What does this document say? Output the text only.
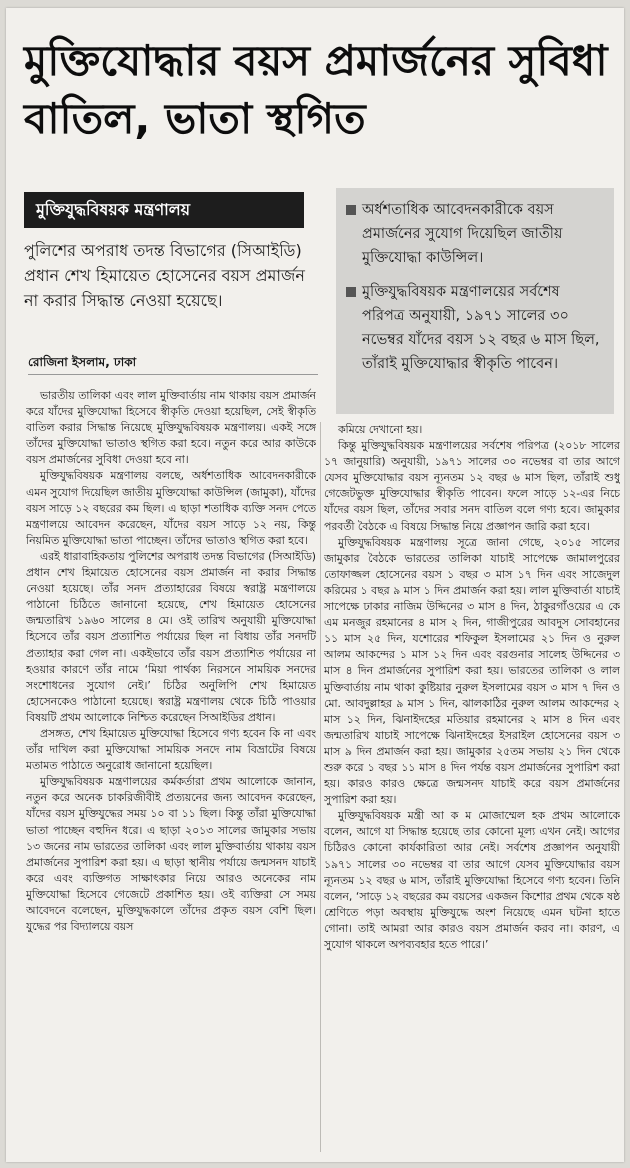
মুক্তিযোদ্ধার বয়স প্রমার্জনের সুবিধা বাতিল, ভাতা স্থগিত
মুক্তিযুদ্ধবিষয়ক মন্ত্রণালয়
পুলিশের অপরাধ তদন্ত বিভাগের (সিআইডি) প্রধান শেখ হিমায়েত হোসেনের বয়স প্রমার্জন না করার সিদ্ধান্ত নেওয়া হয়েছে।
অর্ধশতাধিক আবেদনকারীকে বয়স প্রমার্জনের সুযোগ দিয়েছিল জাতীয় মুক্তিযোদ্ধা কাউন্সিল।
মুক্তিযুদ্ধবিষয়ক মন্ত্রণালয়ের সর্বশেষ পরিপত্র অনুযায়ী, ১৯৭১ সালের ৩০ নভেম্বর যাঁদের বয়স ১২ বছর ৬ মাস ছিল, তাঁরাই মুক্তিযোদ্ধার স্বীকৃতি পাবেন।
রোজিনা ইসলাম, ঢাকা

ভারতীয় তালিকা এবং লাল মুক্তিবার্তায় নাম থাকায় বয়স প্রমার্জন করে যাঁদের মুক্তিযোদ্ধা হিসেবে স্বীকৃতি দেওয়া হয়েছিল, সেই স্বীকৃতি বাতিল করার সিদ্ধান্ত নিয়েছে মুক্তিযুদ্ধবিষয়ক মন্ত্রণালয়। একই সঙ্গে তাঁদের মুক্তিযোদ্ধা ভাতাও স্থগিত করা হবে। নতুন করে আর কাউকে বয়স প্রমার্জনের সুবিধা দেওয়া হবে না।

মুক্তিযুদ্ধবিষয়ক মন্ত্রণালয় বলছে, অর্ধশতাধিক আবেদনকারীকে এমন সুযোগ দিয়েছিল জাতীয় মুক্তিযোদ্ধা কাউন্সিল (জামুকা), যাঁদের বয়স সাড়ে ১২ বছরের কম ছিল। এ ছাড়া শতাধিক ব্যক্তি সনদ পেতে মন্ত্রণালয়ে আবেদন করেছেন, যাঁদের বয়স সাড়ে ১২ নয়, কিন্তু নিয়মিত মুক্তিযোদ্ধা ভাতা পাচ্ছেন। তাঁদের ভাতাও স্থগিত করা হবে।

এরই ধারাবাহিকতায় পুলিশের অপরাধ তদন্ত বিভাগের (সিআইডি) প্রধান শেখ হিমায়েত হোসেনের বয়স প্রমার্জন না করার সিদ্ধান্ত নেওয়া হয়েছে। তাঁর সনদ প্রত্যাহারের বিষয়ে স্বরাষ্ট্র মন্ত্রণালয়ে পাঠানো চিঠিতে জানানো হয়েছে, শেখ হিমায়েত হোসেনের জন্মতারিখ ১৯৬০ সালের ৪ মে। ওই তারিখ অনুযায়ী মুক্তিযোদ্ধা হিসেবে তাঁর বয়স প্রত্যাশিত পর্যায়ের ছিল না বিধায় তাঁর সনদটি প্রত্যাহার করা গেল না। একইভাবে তাঁর বয়স প্রত্যাশিত পর্যায়ের না হওয়ার কারণে তাঁর নামে ‘মিয়া পার্থক্য নিরসনে সাময়িক সনদের সংশোধনের সুযোগ নেই।’ চিঠির অনুলিপি শেখ হিমায়েত হোসেনকেও পাঠানো হয়েছে। স্বরাষ্ট্র মন্ত্রণালয় থেকে চিঠি পাওয়ার বিষয়টি প্রথম আলোকে নিশ্চিত করেছেন সিআইডির প্রধান।

প্রসঙ্গত, শেখ হিমায়েত মুক্তিযোদ্ধা হিসেবে গণ্য হবেন কি না এবং তাঁর দাখিল করা মুক্তিযোদ্ধা সাময়িক সনদে নাম বিভ্রাটের বিষয়ে মতামত পাঠাতে অনুরোধ জানানো হয়েছিল।

মুক্তিযুদ্ধবিষয়ক মন্ত্রণালয়ের কর্মকর্তারা প্রথম আলোকে জানান, নতুন করে অনেক চাকরিজীবীই প্রত্যয়নের জন্য আবেদন করেছেন, যাঁদের বয়স মুক্তিযুদ্ধের সময় ১০ বা ১১ ছিল। কিন্তু তাঁরা মুক্তিযোদ্ধা ভাতা পাচ্ছেন বহুদিন ধরে। এ ছাড়া ২০১৩ সালের জামুকার সভায় ১৩ জনের নাম ভারতের তালিকা এবং লাল মুক্তিবার্তায় থাকায় বয়স প্রমার্জনের সুপারিশ করা হয়। এ ছাড়া স্থানীয় পর্যায়ে জন্মসনদ যাচাই করে এবং ব্যক্তিগত সাক্ষাৎকার নিয়ে আরও অনেকের নাম মুক্তিযোদ্ধা হিসেবে গেজেটে প্রকাশিত হয়। ওই ব্যক্তিরা সে সময় আবেদনে বলেছেন, মুক্তিযুদ্ধকালে তাঁদের প্রকৃত বয়স বেশি ছিল। যুদ্ধের পর বিদ্যালয়ে বয়স

কমিয়ে দেখানো হয়।

কিন্তু মুক্তিযুদ্ধবিষয়ক মন্ত্রণালয়ের সর্বশেষ পরিপত্র (২০১৮ সালের ১৭ জানুয়ারি) অনুযায়ী, ১৯৭১ সালের ৩০ নভেম্বর বা তার আগে যেসব মুক্তিযোদ্ধার বয়স ন্যূনতম ১২ বছর ৬ মাস ছিল, তাঁরাই শুধু গেজেটভুক্ত মুক্তিযোদ্ধার স্বীকৃতি পাবেন। ফলে সাড়ে ১২-এর নিচে যাঁদের বয়স ছিল, তাঁদের সবার সনদ বাতিল বলে গণ্য হবে। জামুকার পরবর্তী বৈঠকে এ বিষয়ে সিদ্ধান্ত নিয়ে প্রজ্ঞাপন জারি করা হবে।

মুক্তিযুদ্ধবিষয়ক মন্ত্রণালয় সূত্রে জানা গেছে, ২০১৫ সালের জামুকার বৈঠকে ভারতের তালিকা যাচাই সাপেক্ষে জামালপুরের তোফাজ্জল হোসেনের বয়স ১ বছর ৩ মাস ১৭ দিন এবং সাজেদুল করিমের ১ বছর ৯ মাস ১ দিন প্রমার্জন করা হয়। লাল মুক্তিবার্তা যাচাই সাপেক্ষে ঢাকার নাজিম উদ্দিনের ৩ মাস ৪ দিন, ঠাকুরগাঁওয়ের এ কে এম মনজুর রহমানের ৪ মাস ২ দিন, গাজীপুরের আবদুস সোবহানের ১১ মাস ২৫ দিন, যশোরের শফিকুল ইসলামের ২১ দিন ও নুরুল আলম আকন্দের ১ মাস ১২ দিন এবং বরগুনার সালেহ উদ্দিনের ৩ মাস ৪ দিন প্রমার্জনের সুপারিশ করা হয়। ভারতের তালিকা ও লাল মুক্তিবার্তায় নাম থাকা কুষ্টিয়ার নুরুল ইসলামের বয়স ৩ মাস ৭ দিন ও মো. আবদুল্লাহর ৯ মাস ১ দিন, ঝালকাঠির নুরুল আলম আকন্দের ২ মাস ১২ দিন, ঝিনাইদহের মতিয়ার রহমানের ২ মাস ৪ দিন এবং জন্মতারিখ যাচাই সাপেক্ষে ঝিনাইদহের ইসরাইল হোসেনের বয়স ৩ মাস ৯ দিন প্রমার্জন করা হয়। জামুকার ২৫তম সভায় ২১ দিন থেকে শুরু করে ১ বছর ১১ মাস ৪ দিন পর্যন্ত বয়স প্রমার্জনের সুপারিশ করা হয়। কারও কারও ক্ষেত্রে জন্মসনদ যাচাই করে বয়স প্রমার্জনের সুপারিশ করা হয়।

মুক্তিযুদ্ধবিষয়ক মন্ত্রী আ ক ম মোজাম্মেল হক প্রথম আলোকে বলেন, আগে যা সিদ্ধান্ত হয়েছে তার কোনো মূল্য এখন নেই। আগের চিঠিরও কোনো কার্যকারিতা আর নেই। সর্বশেষ প্রজ্ঞাপন অনুযায়ী ১৯৭১ সালের ৩০ নভেম্বর বা তার আগে যেসব মুক্তিযোদ্ধার বয়স ন্যূনতম ১২ বছর ৬ মাস, তাঁরাই মুক্তিযোদ্ধা হিসেবে গণ্য হবেন। তিনি বলেন, ‘সাড়ে ১২ বছরের কম বয়সের একজন কিশোর প্রথম থেকে ষষ্ঠ শ্রেণিতে পড়া অবস্থায় মুক্তিযুদ্ধে অংশ নিয়েছে এমন ঘটনা হাতে গোনা। তাই আমরা আর কারও বয়স প্রমার্জন করব না। কারণ, এ সুযোগ থাকলে অপব্যবহার হতে পারে।’
